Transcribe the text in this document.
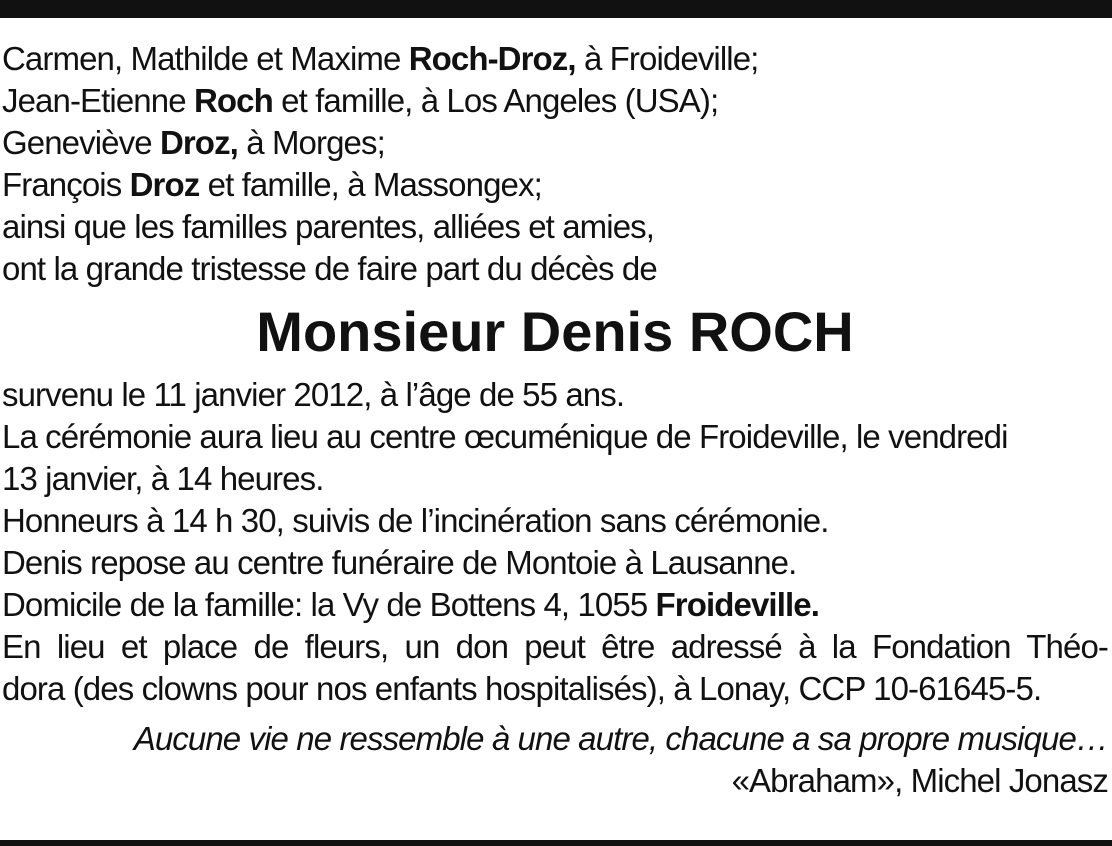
Carmen, Mathilde et Maxime Roch-Droz, à Froideville;
Jean-Etienne Roch et famille, à Los Angeles (USA);
Geneviève Droz, à Morges;
François Droz et famille, à Massongex;
ainsi que les familles parentes, alliées et amies,
ont la grande tristesse de faire part du décès de
Monsieur Denis ROCH
survenu le 11 janvier 2012, à l’âge de 55 ans.
La cérémonie aura lieu au centre œcuménique de Froideville, le vendredi
13 janvier, à 14 heures.
Honneurs à 14 h 30, suivis de l’incinération sans cérémonie.
Denis repose au centre funéraire de Montoie à Lausanne.
Domicile de la famille: la Vy de Bottens 4, 1055 Froideville.
En lieu et place de fleurs, un don peut être adressé à la Fondation Théo-
dora (des clowns pour nos enfants hospitalisés), à Lonay, CCP 10-61645-5.
Aucune vie ne ressemble à une autre, chacune a sa propre musique…
«Abraham», Michel Jonasz
